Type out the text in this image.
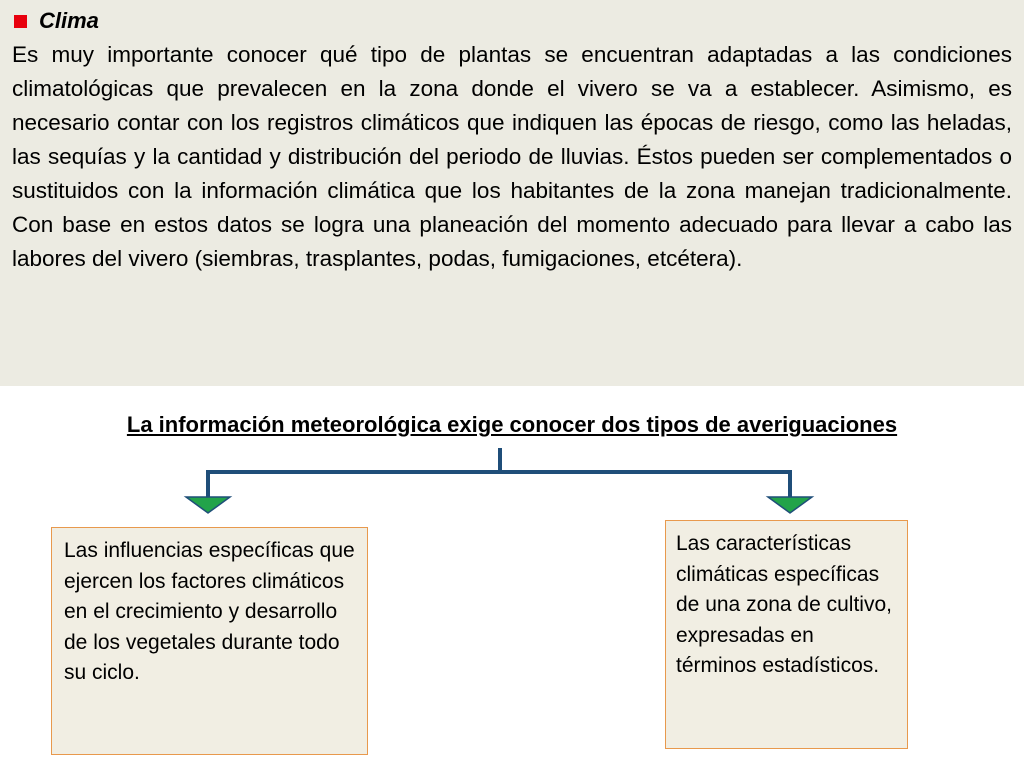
Clima

Es muy importante conocer qué tipo de plantas se encuentran adaptadas a las condiciones climatológicas que prevalecen en la zona donde el vivero se va a establecer. Asimismo, es necesario contar con los registros climáticos que indiquen las épocas de riesgo, como las heladas, las sequías y la cantidad y distribución del periodo de lluvias. Éstos pueden ser complementados o sustituidos con la información climática que los habitantes de la zona manejan tradicionalmente. Con base en estos datos se logra una planeación del momento adecuado para llevar a cabo las labores del vivero (siembras, trasplantes, podas, fumigaciones, etcétera).

La información meteorológica exige conocer dos tipos de averiguaciones
Las influencias específicas que ejercen los factores climáticos en el crecimiento y desarrollo de los vegetales durante todo su ciclo.
Las características climáticas específicas de una zona de cultivo, expresadas en términos estadísticos.
